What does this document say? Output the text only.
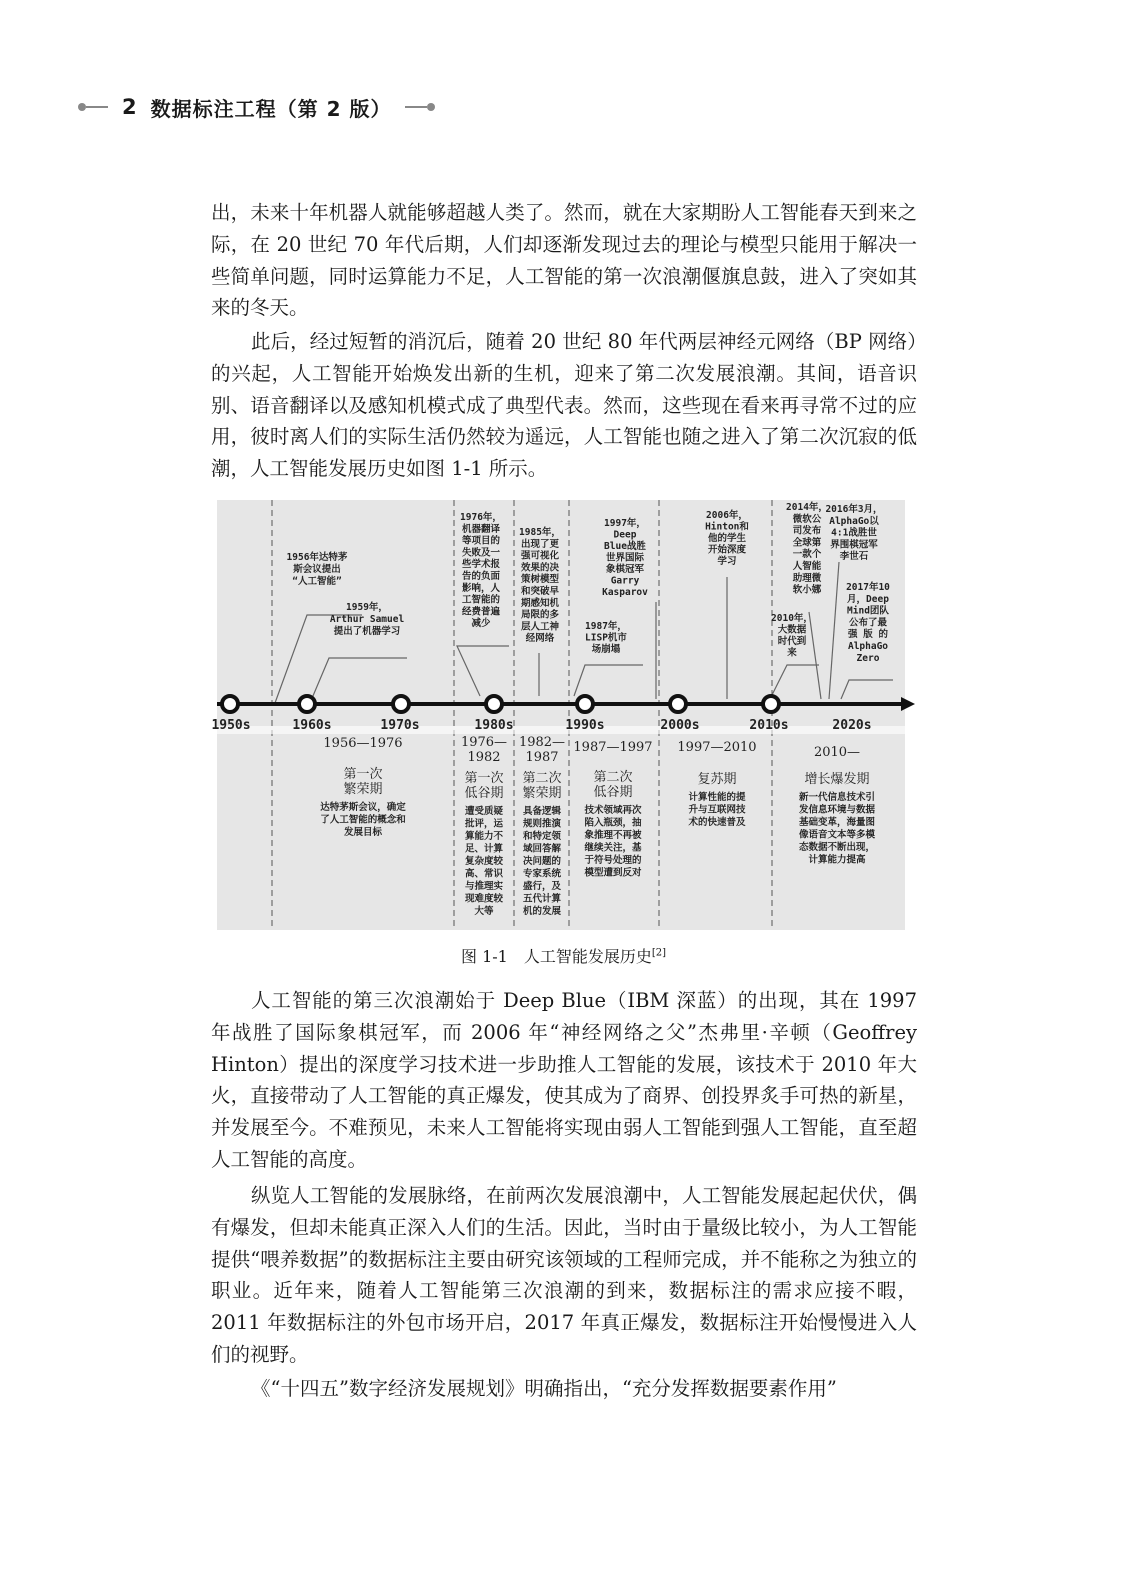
2 数据标注工程（第 2 版）

出，未来十年机器人就能够超越人类了。然而，就在大家期盼人工智能春天到来之际，在 20 世纪 70 年代后期，人们却逐渐发现过去的理论与模型只能用于解决一些简单问题，同时运算能力不足，人工智能的第一次浪潮偃旗息鼓，进入了突如其来的冬天。

此后，经过短暂的消沉后，随着 20 世纪 80 年代两层神经元网络（BP 网络）的兴起，人工智能开始焕发出新的生机，迎来了第二次发展浪潮。其间，语音识别、语音翻译以及感知机模式成了典型代表。然而，这些现在看来再寻常不过的应用，彼时离人们的实际生活仍然较为遥远，人工智能也随之进入了第二次沉寂的低潮，人工智能发展历史如图 1-1 所示。

1950s	1960s	1970s	1980s	1990s	2000s	2010s	2020s
1956年达特茅
斯会议提出
“人工智能”
1959年，
Arthur Samuel
提出了机器学习
1976年，
机器翻译
等项目的
失败及一
些学术报
告的负面
影响，人
工智能的
经费普遍
减少
1985年，
出现了更
强可视化
效果的决
策树模型
和突破早
期感知机
局限的多
层人工神
经网络
1997年，
Deep
Blue战胜
世界国际
象棋冠军
Garry
Kasparov
1987年，
LISP机市
场崩塌
2006年，
Hinton和
他的学生
开始深度
学习
2010年，
大数据
时代到
来
2014年，
微软公
司发布
全球第
一款个
人智能
助理微
软小娜
2016年3月，
AlphaGo以
4:1战胜世
界围棋冠军
李世石
2017年10
月，Deep
Mind团队
公布了最
强 版 的
AlphaGo
Zero
1956—1976
第一次
繁荣期
达特茅斯会议，确定
了人工智能的概念和
发展目标
1976—
1982
第一次
低谷期
遭受质疑
批评，运
算能力不
足、计算
复杂度较
高、常识
与推理实
现难度较
大等
1982—
1987
第二次
繁荣期
具备逻辑
规则推演
和特定领
域回答解
决问题的
专家系统
盛行，及
五代计算
机的发展
1987—1997
第二次
低谷期
技术领域再次
陷入瓶颈，抽
象推理不再被
继续关注，基
于符号处理的
模型遭到反对
1997—2010
复苏期
计算性能的提
升与互联网技
术的快速普及
2010—
增长爆发期
新一代信息技术引
发信息环境与数据
基础变革，海量图
像语音文本等多模
态数据不断出现，
计算能力提高
图 1-1　人工智能发展历史[2]

人工智能的第三次浪潮始于 Deep Blue（IBM 深蓝）的出现，其在 1997 年战胜了国际象棋冠军，而 2006 年“神经网络之父”杰弗里·辛顿（Geoffrey Hinton）提出的深度学习技术进一步助推人工智能的发展，该技术于 2010 年大火，直接带动了人工智能的真正爆发，使其成为了商界、创投界炙手可热的新星，并发展至今。不难预见，未来人工智能将实现由弱人工智能到强人工智能，直至超人工智能的高度。

纵览人工智能的发展脉络，在前两次发展浪潮中，人工智能发展起起伏伏，偶有爆发，但却未能真正深入人们的生活。因此，当时由于量级比较小，为人工智能提供“喂养数据”的数据标注主要由研究该领域的工程师完成，并不能称之为独立的职业。近年来，随着人工智能第三次浪潮的到来，数据标注的需求应接不暇，2011 年数据标注的外包市场开启，2017 年真正爆发，数据标注开始慢慢进入人们的视野。

《“十四五”数字经济发展规划》明确指出，“充分发挥数据要素作用”
